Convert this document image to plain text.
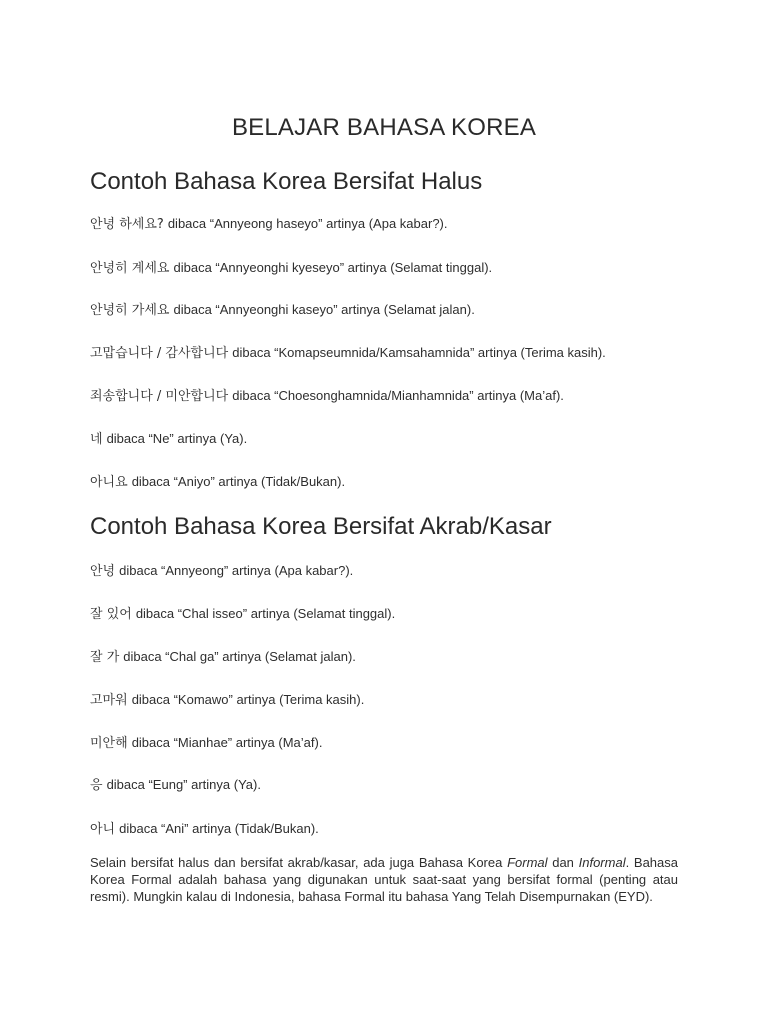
BELAJAR BAHASA KOREA
Contoh Bahasa Korea Bersifat Halus

안녕 하세요? dibaca “Annyeong haseyo” artinya (Apa kabar?).

안녕히 계세요 dibaca “Annyeonghi kyeseyo” artinya (Selamat tinggal).

안녕히 가세요 dibaca “Annyeonghi kaseyo” artinya (Selamat jalan).

고맙습니다 / 감사합니다 dibaca “Komapseumnida/Kamsahamnida” artinya (Terima kasih).

죄송합니다 / 미안합니다 dibaca “Choesonghamnida/Mianhamnida” artinya (Ma’af).

네 dibaca “Ne” artinya (Ya).

아니요 dibaca “Aniyo” artinya (Tidak/Bukan).

Contoh Bahasa Korea Bersifat Akrab/Kasar

안녕 dibaca “Annyeong” artinya (Apa kabar?).

잘 있어 dibaca “Chal isseo” artinya (Selamat tinggal).

잘 가 dibaca “Chal ga” artinya (Selamat jalan).

고마워 dibaca “Komawo” artinya (Terima kasih).

미안해 dibaca “Mianhae” artinya (Ma’af).

응 dibaca “Eung” artinya (Ya).

아니 dibaca “Ani” artinya (Tidak/Bukan).

Selain bersifat halus dan bersifat akrab/kasar, ada juga Bahasa Korea Formal dan Informal. Bahasa Korea Formal adalah bahasa yang digunakan untuk saat-saat yang bersifat formal (penting atau resmi). Mungkin kalau di Indonesia, bahasa Formal itu bahasa Yang Telah Disempurnakan (EYD).
